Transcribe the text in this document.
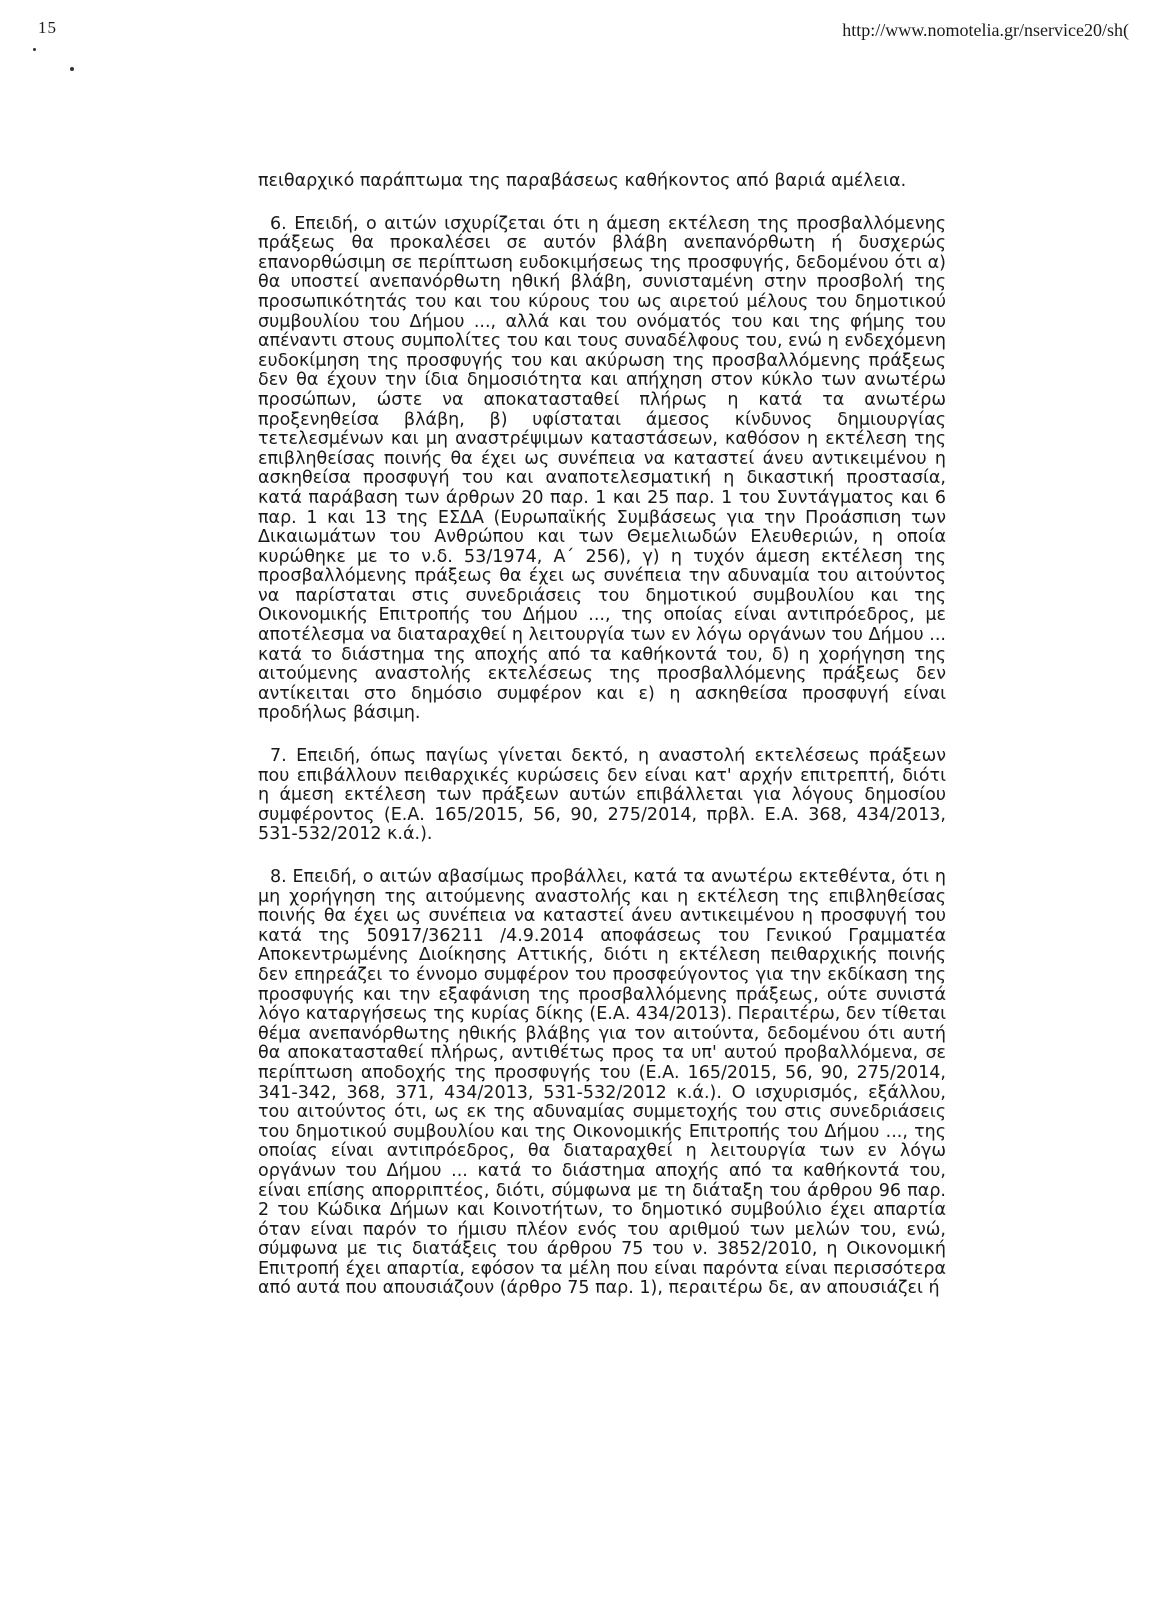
15	http://www.nomotelia.gr/nservice20/sh(

πειθαρχικό παράπτωμα της παραβάσεως καθήκοντος από βαριά αμέλεια.

6. Επειδή, ο αιτών ισχυρίζεται ότι η άμεση εκτέλεση της προσβαλλόμενης πράξεως θα προκαλέσει σε αυτόν βλάβη ανεπανόρθωτη ή δυσχερώς επανορθώσιμη σε περίπτωση ευδοκιμήσεως της προσφυγής, δεδομένου ότι α) θα υποστεί ανεπανόρθωτη ηθική βλάβη, συνισταμένη στην προσβολή της προσωπικότητάς του και του κύρους του ως αιρετού μέλους του δημοτικού συμβουλίου του Δήμου ..., αλλά και του ονόματός του και της φήμης του απέναντι στους συμπολίτες του και τους συναδέλφους του, ενώ η ενδεχόμενη ευδοκίμηση της προσφυγής του και ακύρωση της προσβαλλόμενης πράξεως δεν θα έχουν την ίδια δημοσιότητα και απήχηση στον κύκλο των ανωτέρω προσώπων, ώστε να αποκατασταθεί πλήρως η κατά τα ανωτέρω προξενηθείσα βλάβη, β) υφίσταται άμεσος κίνδυνος δημιουργίας τετελεσμένων και μη αναστρέψιμων καταστάσεων, καθόσον η εκτέλεση της επιβληθείσας ποινής θα έχει ως συνέπεια να καταστεί άνευ αντικειμένου η ασκηθείσα προσφυγή του και αναποτελεσματική η δικαστική προστασία, κατά παράβαση των άρθρων 20 παρ. 1 και 25 παρ. 1 του Συντάγματος και 6 παρ. 1 και 13 της ΕΣΔΑ (Ευρωπαϊκής Συμβάσεως για την Προάσπιση των Δικαιωμάτων του Ανθρώπου και των Θεμελιωδών Ελευθεριών, η οποία κυρώθηκε με το ν.δ. 53/1974, Α΄ 256), γ) η τυχόν άμεση εκτέλεση της προσβαλλόμενης πράξεως θα έχει ως συνέπεια την αδυναμία του αιτούντος να παρίσταται στις συνεδριάσεις του δημοτικού συμβουλίου και της Οικονομικής Επιτροπής του Δήμου ..., της οποίας είναι αντιπρόεδρος, με αποτέλεσμα να διαταραχθεί η λειτουργία των εν λόγω οργάνων του Δήμου ... κατά το διάστημα της αποχής από τα καθήκοντά του, δ) η χορήγηση της αιτούμενης αναστολής εκτελέσεως της προσβαλλόμενης πράξεως δεν αντίκειται στο δημόσιο συμφέρον και ε) η ασκηθείσα προσφυγή είναι προδήλως βάσιμη.

7. Επειδή, όπως παγίως γίνεται δεκτό, η αναστολή εκτελέσεως πράξεων που επιβάλλουν πειθαρχικές κυρώσεις δεν είναι κατ' αρχήν επιτρεπτή, διότι η άμεση εκτέλεση των πράξεων αυτών επιβάλλεται για λόγους δημοσίου συμφέροντος (Ε.Α. 165/2015, 56, 90, 275/2014, πρβλ. Ε.Α. 368, 434/2013, 531-532/2012 κ.ά.).

8. Επειδή, ο αιτών αβασίμως προβάλλει, κατά τα ανωτέρω εκτεθέντα, ότι η μη χορήγηση της αιτούμενης αναστολής και η εκτέλεση της επιβληθείσας ποινής θα έχει ως συνέπεια να καταστεί άνευ αντικειμένου η προσφυγή του κατά της 50917/36211 /4.9.2014 αποφάσεως του Γενικού Γραμματέα Αποκεντρωμένης Διοίκησης Αττικής, διότι η εκτέλεση πειθαρχικής ποινής δεν επηρεάζει το έννομο συμφέρον του προσφεύγοντος για την εκδίκαση της προσφυγής και την εξαφάνιση της προσβαλλόμενης πράξεως, ούτε συνιστά λόγο καταργήσεως της κυρίας δίκης (Ε.Α. 434/2013). Περαιτέρω, δεν τίθεται θέμα ανεπανόρθωτης ηθικής βλάβης για τον αιτούντα, δεδομένου ότι αυτή θα αποκατασταθεί πλήρως, αντιθέτως προς τα υπ' αυτού προβαλλόμενα, σε περίπτωση αποδοχής της προσφυγής του (Ε.Α. 165/2015, 56, 90, 275/2014, 341-342, 368, 371, 434/2013, 531-532/2012 κ.ά.). Ο ισχυρισμός, εξάλλου, του αιτούντος ότι, ως εκ της αδυναμίας συμμετοχής του στις συνεδριάσεις του δημοτικού συμβουλίου και της Οικονομικής Επιτροπής του Δήμου ..., της οποίας είναι αντιπρόεδρος, θα διαταραχθεί η λειτουργία των εν λόγω οργάνων του Δήμου ... κατά το διάστημα αποχής από τα καθήκοντά του, είναι επίσης απορριπτέος, διότι, σύμφωνα με τη διάταξη του άρθρου 96 παρ. 2 του Κώδικα Δήμων και Κοινοτήτων, το δημοτικό συμβούλιο έχει απαρτία όταν είναι παρόν το ήμισυ πλέον ενός του αριθμού των μελών του, ενώ, σύμφωνα με τις διατάξεις του άρθρου 75 του ν. 3852/2010, η Οικονομική Επιτροπή έχει απαρτία, εφόσον τα μέλη που είναι παρόντα είναι περισσότερα από αυτά που απουσιάζουν (άρθρο 75 παρ. 1), περαιτέρω δε, αν απουσιάζει ή
